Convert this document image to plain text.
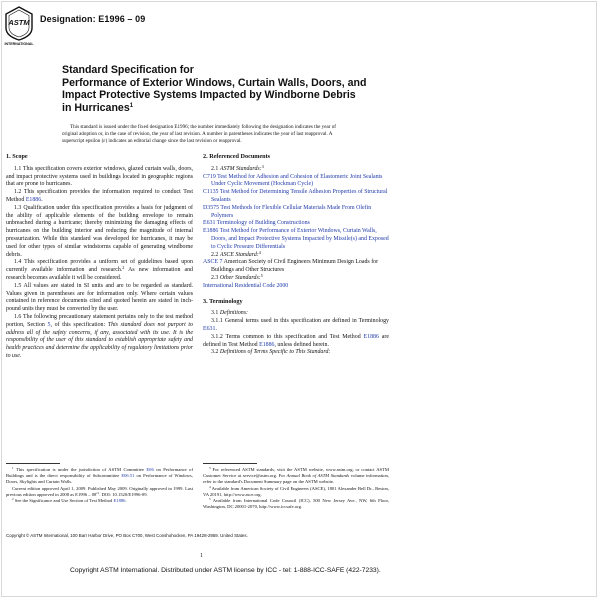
ASTM
INTERNATIONAL
Designation: E1996 – 09
Standard Specification for
Performance of Exterior Windows, Curtain Walls, Doors, and
Impact Protective Systems Impacted by Windborne Debris
in Hurricanes$^1$
This standard is issued under the fixed designation E1996; the number immediately following the designation indicates the year of
original adoption or, in the case of revision, the year of last revision. A number in parentheses indicates the year of last reapproval. A
superscript epsilon (ε) indicates an editorial change since the last revision or reapproval.
1. Scope

1.1 This specification covers exterior windows, glazed curtain walls, doors, and impact protective systems used in buildings located in geographic regions that are prone to hurricanes.

1.2 This specification provides the information required to conduct Test Method E1886.

1.3 Qualification under this specification provides a basis for judgment of the ability of applicable elements of the building envelope to remain unbreached during a hurricane; thereby minimizing the damaging effects of hurricanes on the building interior and reducing the magnitude of internal pressurization. While this standard was developed for hurricanes, it may be used for other types of similar windstorms capable of generating windborne debris.

1.4 This specification provides a uniform set of guidelines based upon currently available information and research.$^2$ As new information and research becomes available it will be considered.

1.5 All values are stated in SI units and are to be regarded as standard. Values given in parentheses are for information only. Where certain values contained in reference documents cited and quoted herein are stated in inch-pound units they must be converted by the user.

1.6 The following precautionary statement pertains only to the test method portion, Section 5, of this specification: This standard does not purport to address all of the safety concerns, if any, associated with its use. It is the responsibility of the user of this standard to establish appropriate safety and health practices and determine the applicability of regulatory limitations prior to use.

2. Referenced Documents

2.1 ASTM Standards:$^3$

C719 Test Method for Adhesion and Cohesion of Elastomeric Joint Sealants Under Cyclic Movement (Hockman Cycle)

C1135 Test Method for Determining Tensile Adhesion Properties of Structural Sealants

D3575 Test Methods for Flexible Cellular Materials Made From Olefin Polymers

E631 Terminology of Building Constructions

E1886 Test Method for Performance of Exterior Windows, Curtain Walls, Doors, and Impact Protective Systems Impacted by Missile(s) and Exposed to Cyclic Pressure Differentials

2.2 ASCE Standard:$^4$

ASCE 7 American Society of Civil Engineers Minimum Design Loads for Buildings and Other Structures

2.3 Other Standards:$^5$

International Residential Code 2000

3. Terminology

3.1 Definitions:

3.1.1 General terms used in this specification are defined in Terminology E631.

3.1.2 Terms common to this specification and Test Method E1886 are defined in Test Method E1886, unless defined herein.

3.2 Definitions of Terms Specific to This Standard:

$^1$ This specification is under the jurisdiction of ASTM Committee E06 on Performance of Buildings and is the direct responsibility of Subcommittee E06.51 on Performance of Windows, Doors, Skylights and Curtain Walls.

Current edition approved April 1, 2009. Published May 2009. Originally approved in 1999. Last previous edition approved in 2008 as $E1996 - 08^{\varepsilon 1}$. DOI: 10.1520/E1996-09.

$^2$ See the Significance and Use Section of Test Method E1886.

$^3$ For referenced ASTM standards, visit the ASTM website, www.astm.org, or contact ASTM Customer Service at service@astm.org. For Annual Book of ASTM Standards volume information, refer to the standard's Document Summary page on the ASTM website.

$^4$ Available from American Society of Civil Engineers (ASCE), 1801 Alexander Bell Dr., Reston, VA 20191, http://www.asce.org.

$^5$ Available from International Code Council (ICC), 500 New Jersey Ave., NW, 6th Floor, Washington, DC 20001-2070, http://www.iccsafe.org.

Copyright © ASTM International, 100 Barr Harbor Drive, PO Box C700, West Conshohocken, PA 19428-2959. United States.
1
Copyright ASTM International. Distributed under ASTM license by ICC - tel: 1-888-ICC-SAFE (422-7233).
